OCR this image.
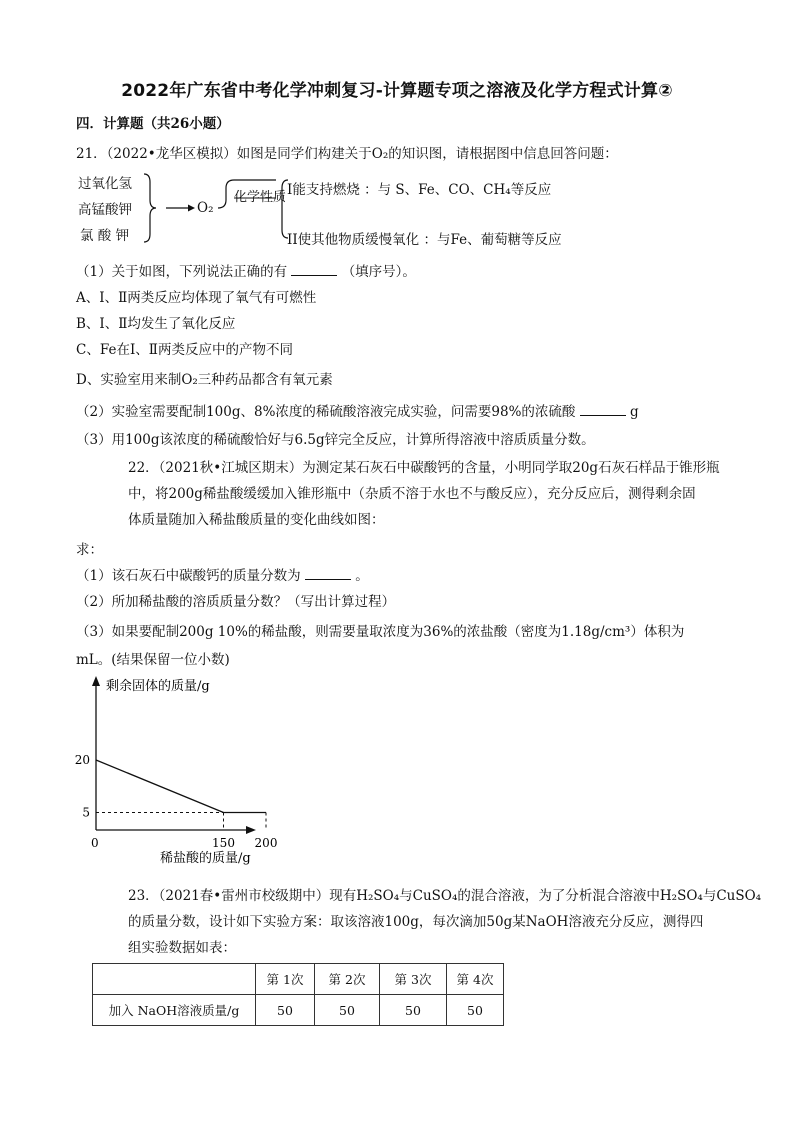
2022年广东省中考化学冲刺复习-计算题专项之溶液及化学方程式计算②
四．计算题（共26小题）
21．（2022•龙华区模拟）如图是同学们构建关于O₂的知识图，请根据图中信息回答问题：
过氧化氢
高锰酸钾
氯 酸 钾
O₂
化学性质 I能支持燃烧 ：与 S、Fe、CO、CH₄等反应
II使其他物质缓慢氧化 ：与Fe、葡萄糖等反应
（1）关于如图，下列说法正确的有	（填序号）。
A、Ⅰ、Ⅱ两类反应均体现了氧气有可燃性
B、Ⅰ、Ⅱ均发生了氧化反应
C、Fe在Ⅰ、Ⅱ两类反应中的产物不同
D、实验室用来制O₂三种药品都含有氧元素
（2）实验室需要配制100g、8%浓度的稀硫酸溶液完成实验，问需要98%的浓硫酸	g
（3）用100g该浓度的稀硫酸恰好与6.5g锌完全反应，计算所得溶液中溶质质量分数。
22．（2021秋•江城区期末）为测定某石灰石中碳酸钙的含量，小明同学取20g石灰石样品于锥形瓶
中，将200g稀盐酸缓缓加入锥形瓶中（杂质不溶于水也不与酸反应），充分反应后，测得剩余固
体质量随加入稀盐酸质量的变化曲线如图：
求：
（1）该石灰石中碳酸钙的质量分数为	。
（2）所加稀盐酸的溶质质量分数？（写出计算过程）
（3）如果要配制200g 10%的稀盐酸，则需要量取浓度为36%的浓盐酸（密度为1.18g/cm³）体积为
mL。(结果保留一位小数)
剩余固体的质量/g
稀盐酸的质量/g
0
20
5
150 200
23．（2021春•雷州市校级期中）现有H₂SO₄与CuSO₄的混合溶液，为了分析混合溶液中H₂SO₄与CuSO₄
的质量分数，设计如下实验方案：取该溶液100g，每次滴加50g某NaOH溶液充分反应，测得四
组实验数据如表：
	第 1次	第 2次	第 3次	第 4次
加入 NaOH溶液质量/g	50	50	50	50
